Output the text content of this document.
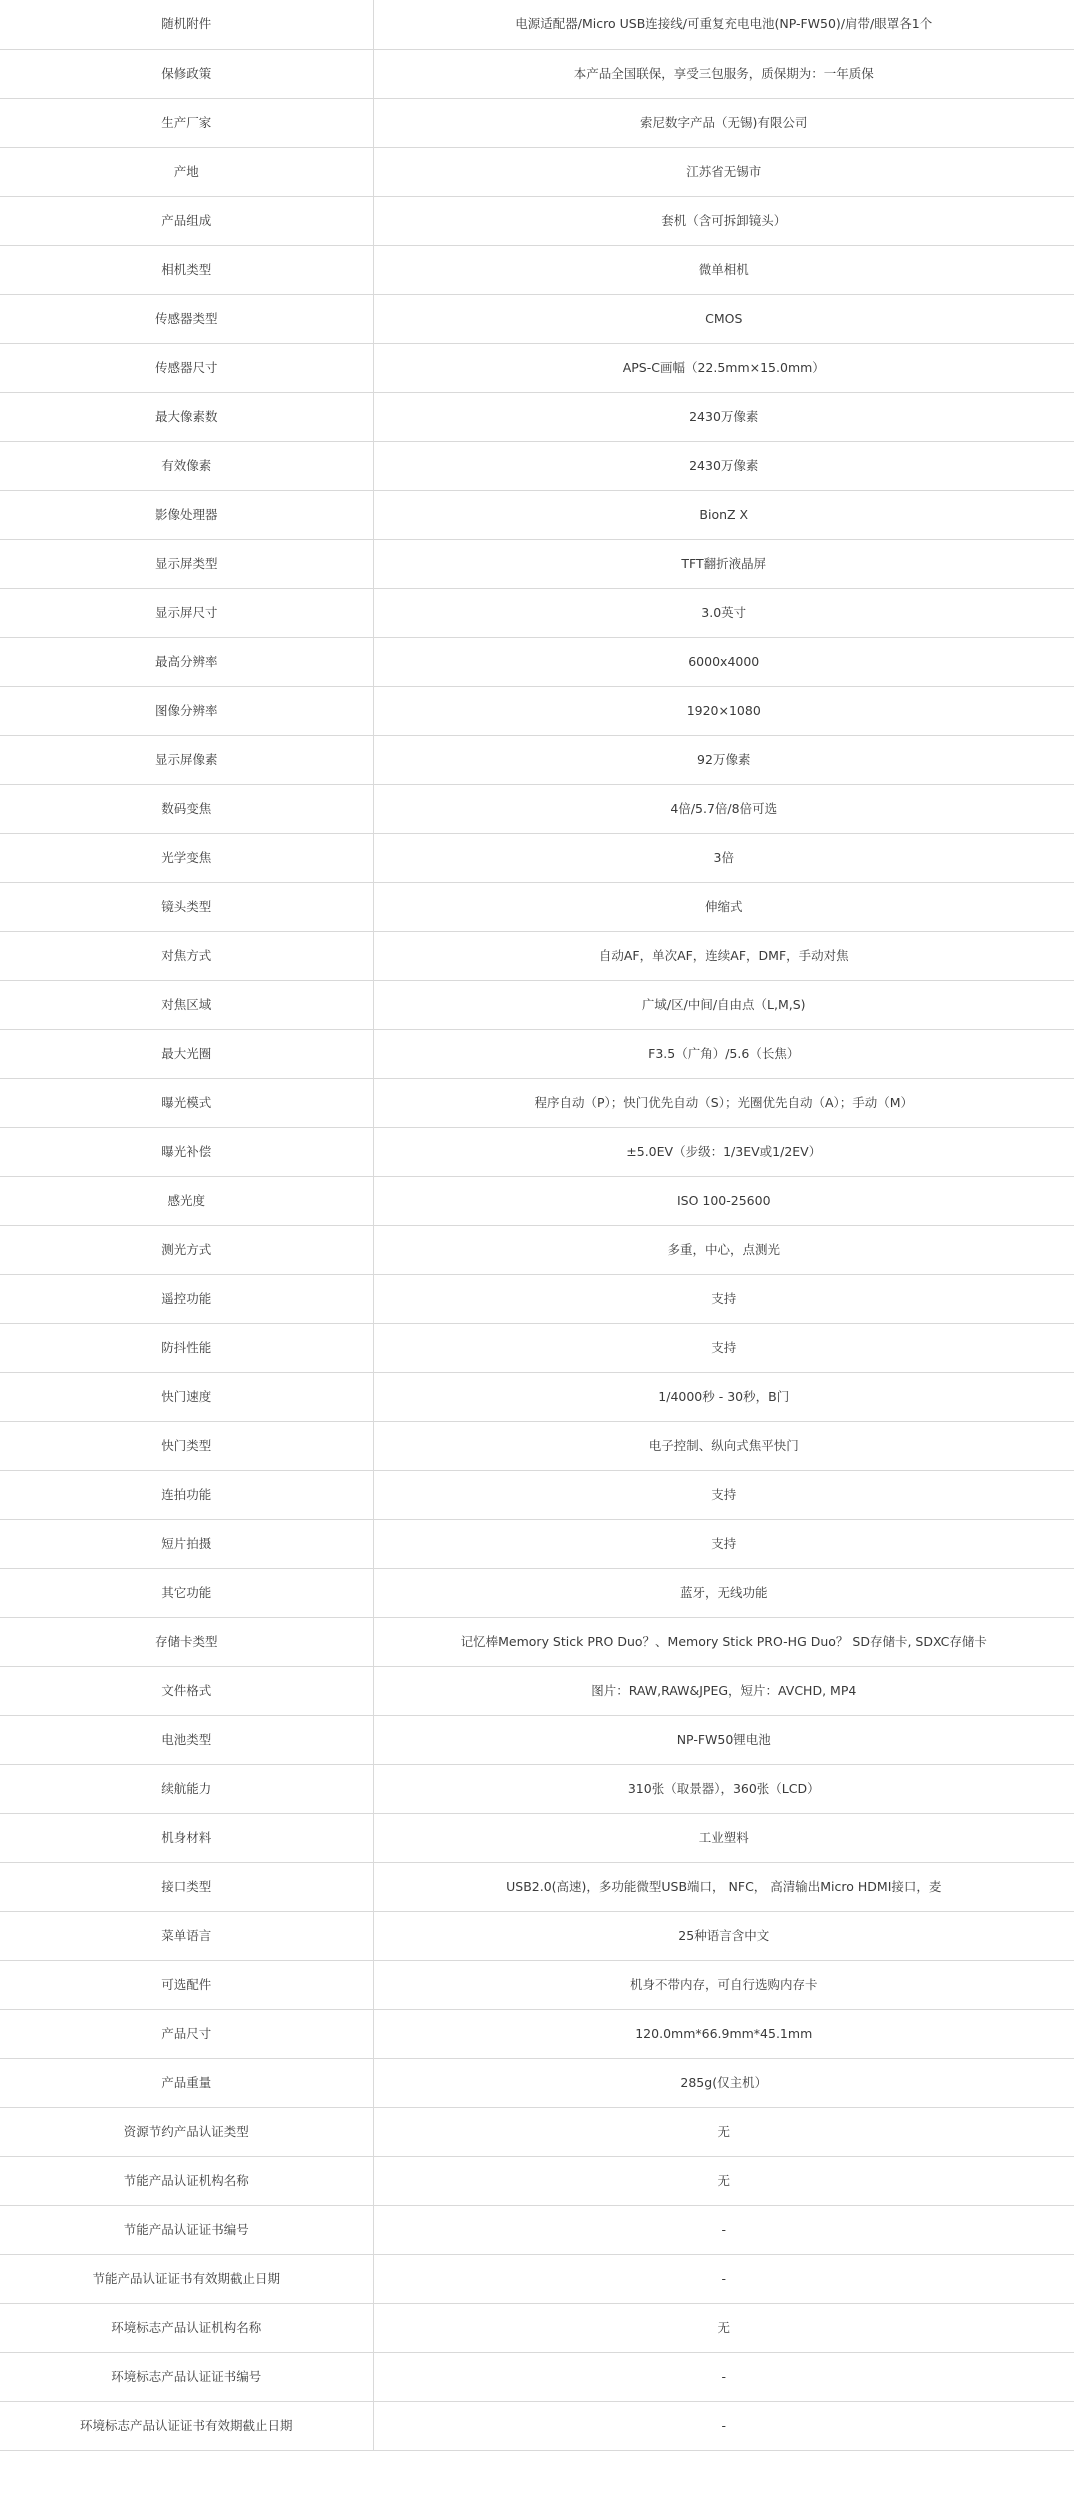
随机附件	电源适配器/Micro USB连接线/可重复充电电池(NP-FW50)/肩带/眼罩各1个
保修政策	本产品全国联保，享受三包服务，质保期为：一年质保
生产厂家	索尼数字产品（无锡)有限公司
产地	江苏省无锡市
产品组成	套机（含可拆卸镜头）
相机类型	微单相机
传感器类型	CMOS
传感器尺寸	APS-C画幅（22.5mm×15.0mm）
最大像素数	2430万像素
有效像素	2430万像素
影像处理器	BionZ X
显示屏类型	TFT翻折液晶屏
显示屏尺寸	3.0英寸
最高分辨率	6000x4000
图像分辨率	1920×1080
显示屏像素	92万像素
数码变焦	4倍/5.7倍/8倍可选
光学变焦	3倍
镜头类型	伸缩式
对焦方式	自动AF，单次AF，连续AF，DMF，手动对焦
对焦区域	广域/区/中间/自由点（L,M,S)
最大光圈	F3.5（广角）/5.6（长焦）
曝光模式	程序自动（P）；快门优先自动（S）；光圈优先自动（A）；手动（M）
曝光补偿	±5.0EV（步级：1/3EV或1/2EV）
感光度	ISO 100-25600
测光方式	多重，中心，点测光
遥控功能	支持
防抖性能	支持
快门速度	1/4000秒 - 30秒，B门
快门类型	电子控制、纵向式焦平快门
连拍功能	支持
短片拍摄	支持
其它功能	蓝牙，无线功能
存储卡类型	记忆棒Memory Stick PRO Duo？、Memory Stick PRO-HG Duo？ SD存储卡, SDXC存储卡
文件格式	图片：RAW,RAW&JPEG，短片：AVCHD, MP4
电池类型	NP-FW50锂电池
续航能力	310张（取景器），360张（LCD）
机身材料	工业塑料
接口类型	USB2.0(高速)，多功能微型USB端口， NFC， 高清输出Micro HDMI接口，麦
菜单语言	25种语言含中文
可选配件	机身不带内存，可自行选购内存卡
产品尺寸	120.0mm*66.9mm*45.1mm
产品重量	285g(仅主机）
资源节约产品认证类型	无
节能产品认证机构名称	无
节能产品认证证书编号	-
节能产品认证证书有效期截止日期	-
环境标志产品认证机构名称	无
环境标志产品认证证书编号	-
环境标志产品认证证书有效期截止日期	-
